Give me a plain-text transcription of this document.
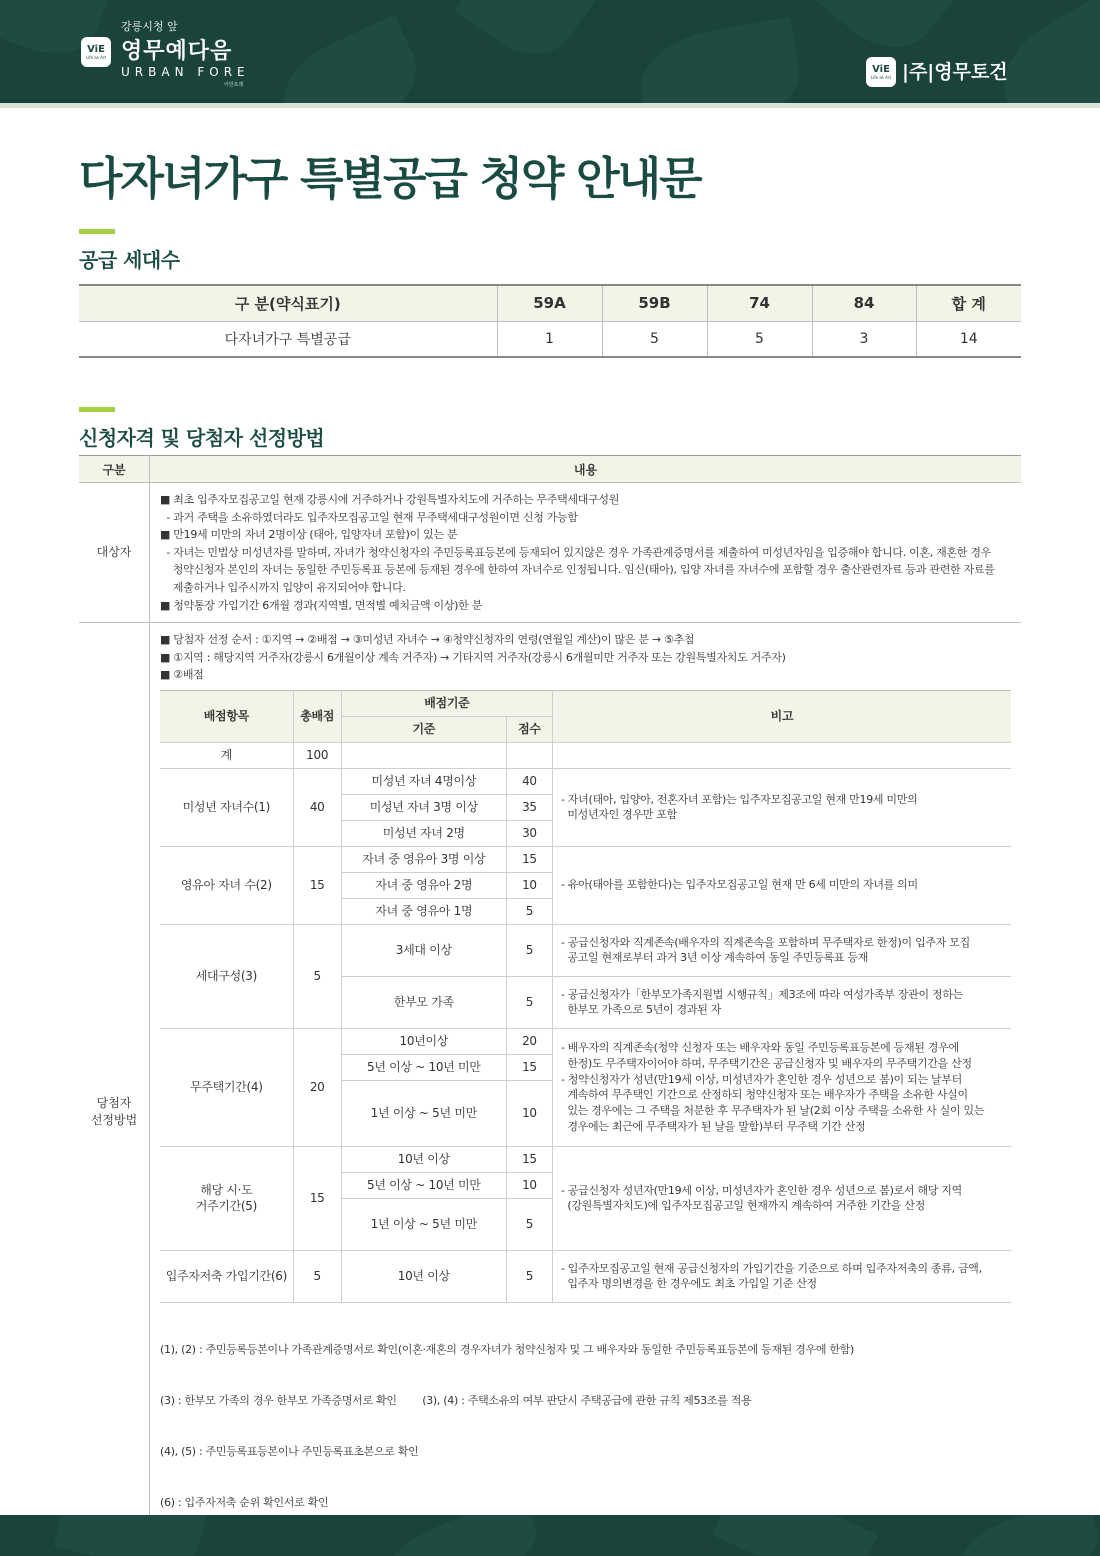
ViE
Life as Art
강릉시청 앞
영무예다음
URBAN FORE
어반포레
ViE
Life as Art |주|영무토건
다자녀가구 특별공급 청약 안내문
공급 세대수
구 분(약식표기)	59A	59B	74	84	합 계
다자녀가구 특별공급	1	5	5	3	14
신청자격 및 당첨자 선정방법
구분	내용
대상자	
■ 최초 입주자모집공고일 현재 강릉시에 거주하거나 강원특별자치도에 거주하는 무주택세대구성원
- 과거 주택을 소유하였더라도 입주자모집공고일 현재 무주택세대구성원이면 신청 가능함
■ 만19세 미만의 자녀 2명이상 (태아, 입양자녀 포함)이 있는 분
- 자녀는 민법상 미성년자를 말하며, 자녀가 청약신청자의 주민등록표등본에 등재되어 있지않은 경우 가족관계증명서를 제출하여 미성년자임을 입증해야 합니다. 이혼, 재혼한 경우
청약신청자 본인의 자녀는 동일한 주민등록표 등본에 등재된 경우에 한하여 자녀수로 인정됩니다. 임신(태아), 입양 자녀를 자녀수에 포함할 경우 출산관련자료 등과 관련한 자료를
제출하거나 입주시까지 입양이 유지되어야 합니다.
■ 청약통장 가입기간 6개월 경과(지역별, 면적별 예치금액 이상)한 분

당첨자
선정방법	
■ 당첨자 선정 순서 : ①지역 → ②배점 → ③미성년 자녀수 → ④청약신청자의 연령(연월일 계산)이 많은 분 → ⑤추첨
■ ①지역 : 해당지역 거주자(강릉시 6개월이상 계속 거주자) → 기타지역 거주자(강릉시 6개월미만 거주자 또는 강원특별자치도 거주자)
■ ②배점
배점항목	총배점	배점기준	비고
기준	점수
계	100			
미성년 자녀수(1)	40	미성년 자녀 4명이상	40	- 자녀(태아, 입양아, 전혼자녀 포함)는 입주자모집공고일 현재 만19세 미만의
미성년자인 경우만 포함
미성년 자녀 3명 이상	35
미성년 자녀 2명	30
영유아 자녀 수(2)	15	자녀 중 영유아 3명 이상	15	- 유아(태아를 포함한다)는 입주자모집공고일 현재 만 6세 미만의 자녀를 의미
자녀 중 영유아 2명	10
자녀 중 영유아 1명	5
세대구성(3)	5	3세대 이상	5	- 공급신청자와 직계존속(배우자의 직계존속을 포함하며 무주택자로 한정)이 입주자 모집
공고일 현재로부터 과거 3년 이상 계속하여 동일 주민등록표 등재
한부모 가족	5	- 공급신청자가「한부모가족지원법 시행규칙」제3조에 따라 여성가족부 장관이 정하는
한부모 가족으로 5년이 경과된 자
무주택기간(4)	20	10년이상	20	- 배우자의 직계존속(청약 신청자 또는 배우자와 동일 주민등록표등본에 등재된 경우에
한정)도 무주택자이어야 하며, 무주택기간은 공급신청자 및 배우자의 무주택기간을 산정
- 청약신청자가 성년(만19세 이상, 미성년자가 혼인한 경우 성년으로 봄)이 되는 날부터
계속하여 무주택인 기간으로 산정하되 청약신청자 또는 배우자가 주택을 소유한 사실이
있는 경우에는 그 주택을 처분한 후 무주택자가 된 날(2회 이상 주택을 소유한 사 실이 있는
경우에는 최근에 무주택자가 된 날을 말함)부터 무주택 기간 산정
5년 이상 ~ 10년 미만	15
1년 이상 ~ 5년 미만	10
해당 시·도
거주기간(5)	15	10년 이상	15	- 공급신청자 성년자(만19세 이상, 미성년자가 혼인한 경우 성년으로 봄)로서 해당 지역
(강원특별자치도)에 입주자모집공고일 현재까지 계속하여 거주한 기간을 산정
5년 이상 ~ 10년 미만	10
1년 이상 ~ 5년 미만	5
입주자저축 가입기간(6)	5	10년 이상	5	- 입주자모집공고일 현재 공급신청자의 가입기간을 기준으로 하며 입주자저축의 종류, 금액,
입주자 명의변경을 한 경우에도 최초 가입일 기준 산정

(1), (2) : 주민등록등본이나 가족관계증명서로 확인(이혼·재혼의 경우자녀가 청약신청자 및 그 배우자와 동일한 주민등록표등본에 등재된 경우에 한함)

(3) : 한부모 가족의 경우 한부모 가족증명서로 확인        (3), (4) : 주택소유의 여부 판단시 주택공급에 관한 규칙 제53조를 적용

(4), (5) : 주민등록표등본이나 주민등록표초본으로 확인

(6) : 입주자저축 순위 확인서로 확인
